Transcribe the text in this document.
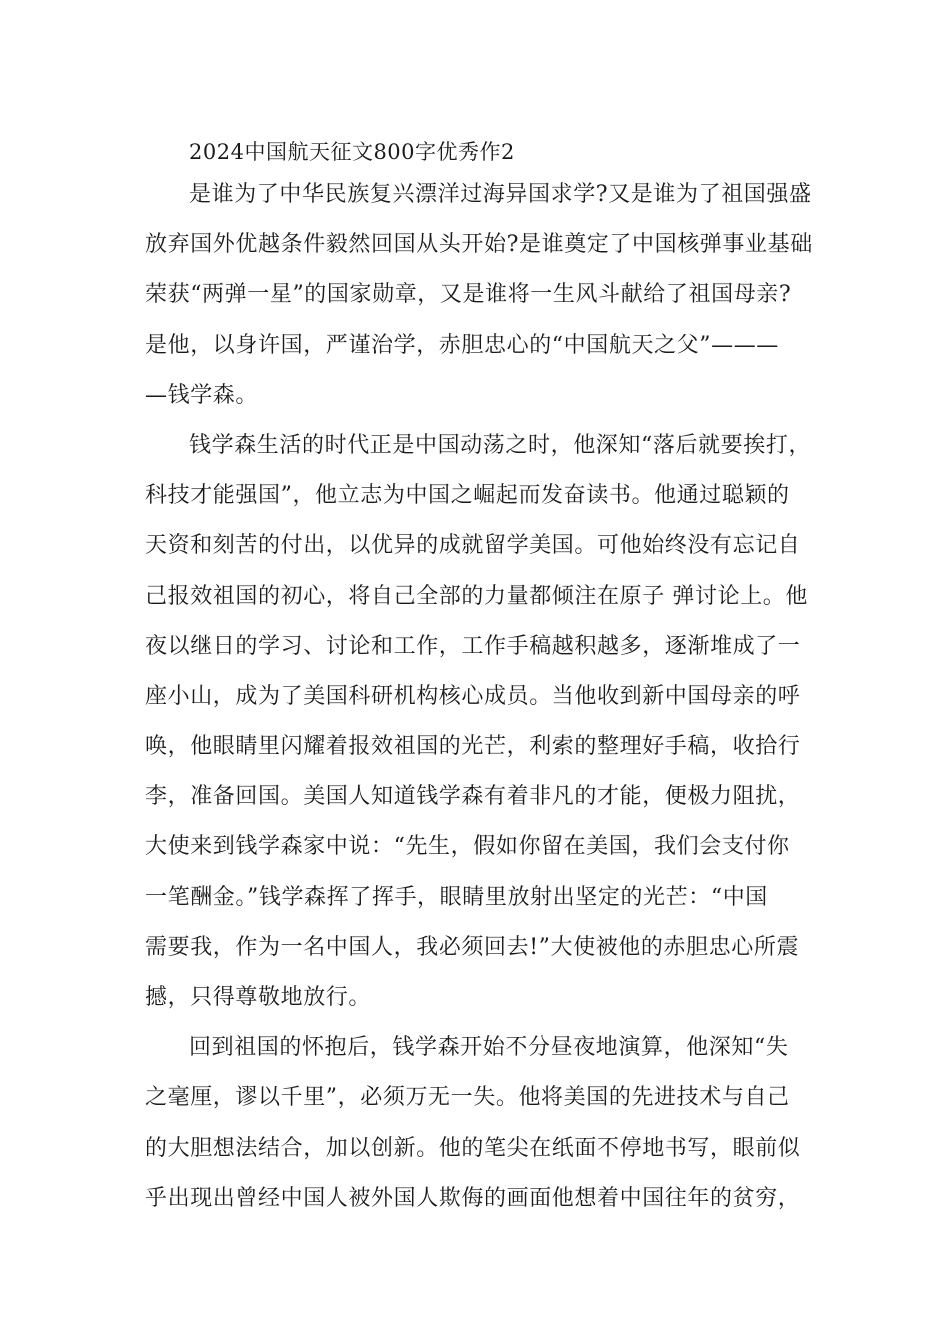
2024中国航天征文800字优秀作2
是谁为了中华民族复兴漂洋过海异国求学?又是谁为了祖国强盛
放弃国外优越条件毅然回国从头开始?是谁奠定了中国核弹事业基础
荣获“两弹一星”的国家勋章，又是谁将一生风斗献给了祖国母亲?
是他，以身许国，严谨治学，赤胆忠心的“中国航天之父”———
—钱学森。
钱学森生活的时代正是中国动荡之时，他深知“落后就要挨打，
科技才能强国”，他立志为中国之崛起而发奋读书。他通过聪颖的
天资和刻苦的付出，以优异的成就留学美国。可他始终没有忘记自
己报效祖国的初心，将自己全部的力量都倾注在原子 弹讨论上。他
夜以继日的学习、讨论和工作，工作手稿越积越多，逐渐堆成了一
座小山，成为了美国科研机构核心成员。当他收到新中国母亲的呼
唤，他眼睛里闪耀着报效祖国的光芒，利索的整理好手稿，收拾行
李，准备回国。美国人知道钱学森有着非凡的才能，便极力阻扰，
大使来到钱学森家中说：“先生，假如你留在美国，我们会支付你
一笔酬金。”钱学森挥了挥手，眼睛里放射出坚定的光芒：“中国
需要我，作为一名中国人，我必须回去!”大使被他的赤胆忠心所震
撼，只得尊敬地放行。
回到祖国的怀抱后，钱学森开始不分昼夜地演算，他深知“失
之毫厘，谬以千里”，必须万无一失。他将美国的先进技术与自己
的大胆想法结合，加以创新。他的笔尖在纸面不停地书写，眼前似
乎出现出曾经中国人被外国人欺侮的画面他想着中国往年的贫穷，
